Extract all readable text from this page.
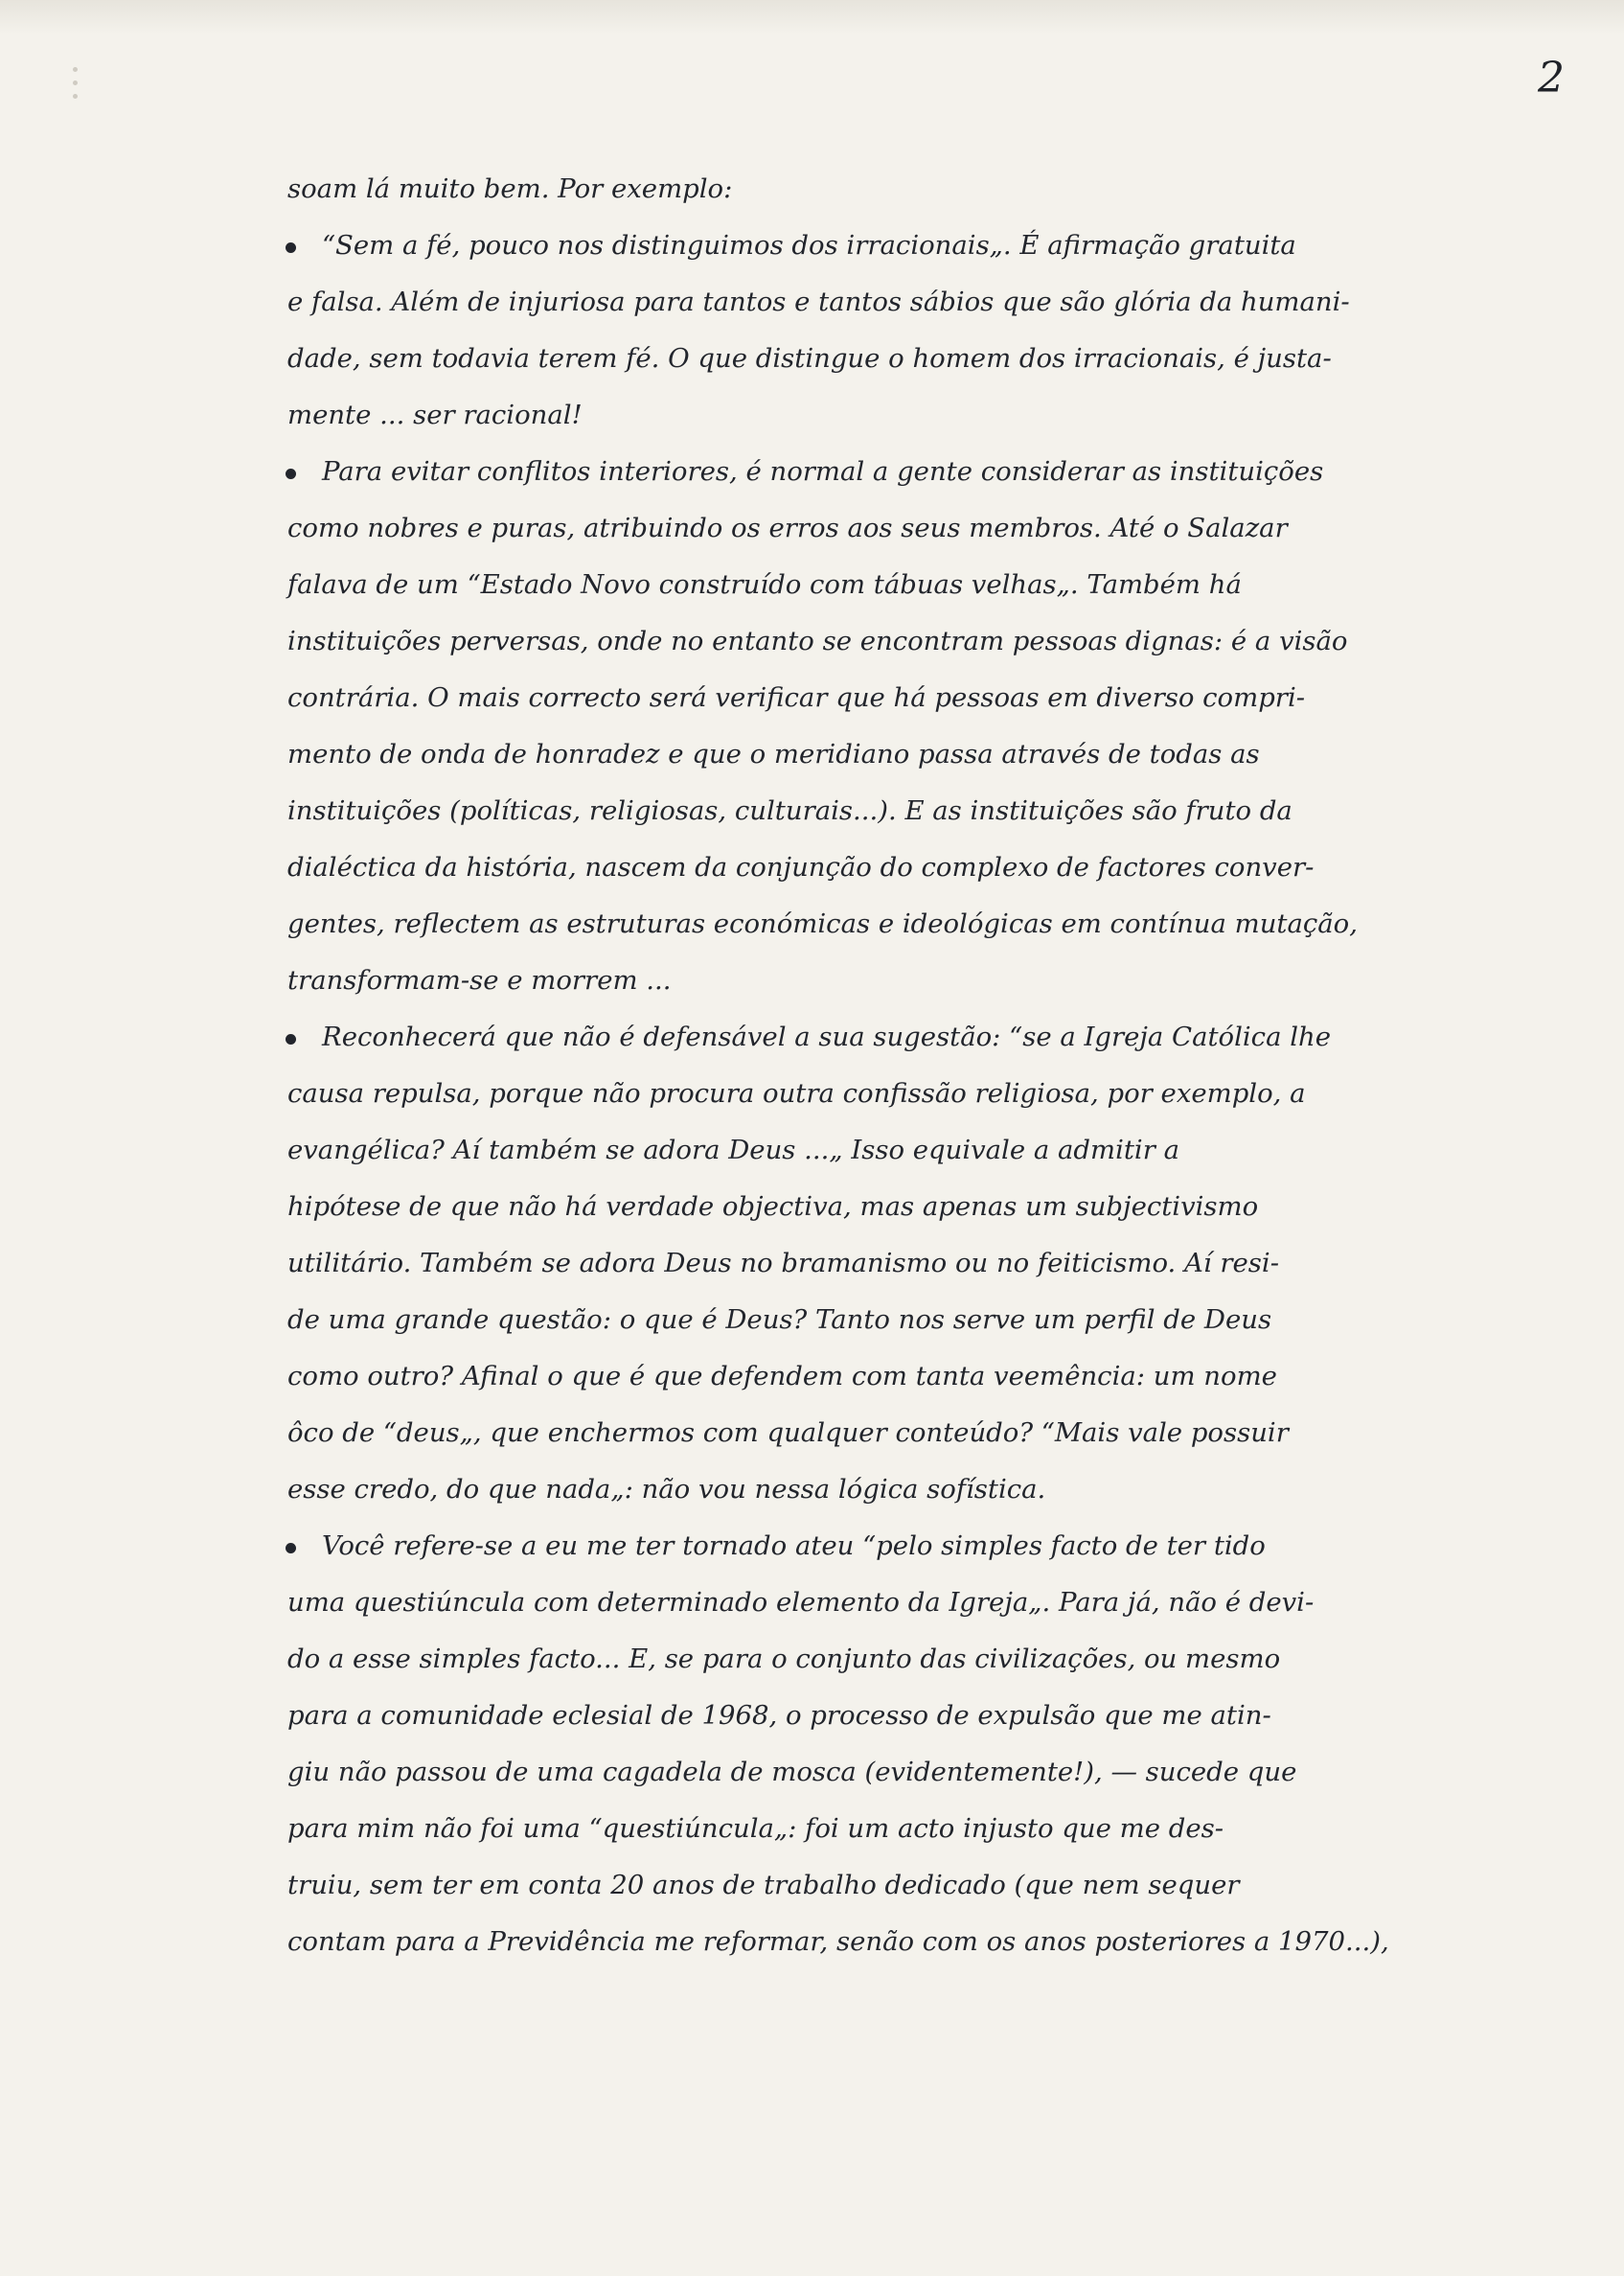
2
soam lá muito bem. Por exemplo:
“Sem a fé, pouco nos distinguimos dos irracionais„. É afirmação gratuita
e falsa. Além de injuriosa para tantos e tantos sábios que são glória da humani-
dade, sem todavia terem fé. O que distingue o homem dos irracionais, é justa-
mente ... ser racional!
Para evitar conflitos interiores, é normal a gente considerar as instituições
como nobres e puras, atribuindo os erros aos seus membros. Até o Salazar
falava de um “Estado Novo construído com tábuas velhas„. Também há
instituições perversas, onde no entanto se encontram pessoas dignas: é a visão
contrária. O mais correcto será verificar que há pessoas em diverso compri-
mento de onda de honradez e que o meridiano passa através de todas as
instituições (políticas, religiosas, culturais...). E as instituições são fruto da
dialéctica da história, nascem da conjunção do complexo de factores conver-
gentes, reflectem as estruturas económicas e ideológicas em contínua mutação,
transformam-se e morrem ...
Reconhecerá que não é defensável a sua sugestão: “se a Igreja Católica lhe
causa repulsa, porque não procura outra confissão religiosa, por exemplo, a
evangélica? Aí também se adora Deus ...„ Isso equivale a admitir a
hipótese de que não há verdade objectiva, mas apenas um subjectivismo
utilitário. Também se adora Deus no bramanismo ou no feiticismo. Aí resi-
de uma grande questão: o que é Deus? Tanto nos serve um perfil de Deus
como outro? Afinal o que é que defendem com tanta veemência: um nome
ôco de “deus„, que enchermos com qualquer conteúdo? “Mais vale possuir
esse credo, do que nada„: não vou nessa lógica sofística.
Você refere-se a eu me ter tornado ateu “pelo simples facto de ter tido
uma questiúncula com determinado elemento da Igreja„. Para já, não é devi-
do a esse simples facto... E, se para o conjunto das civilizações, ou mesmo
para a comunidade eclesial de 1968, o processo de expulsão que me atin-
giu não passou de uma cagadela de mosca (evidentemente!), — sucede que
para mim não foi uma “questiúncula„: foi um acto injusto que me des-
truiu, sem ter em conta 20 anos de trabalho dedicado (que nem sequer
contam para a Previdência me reformar, senão com os anos posteriores a 1970...),
